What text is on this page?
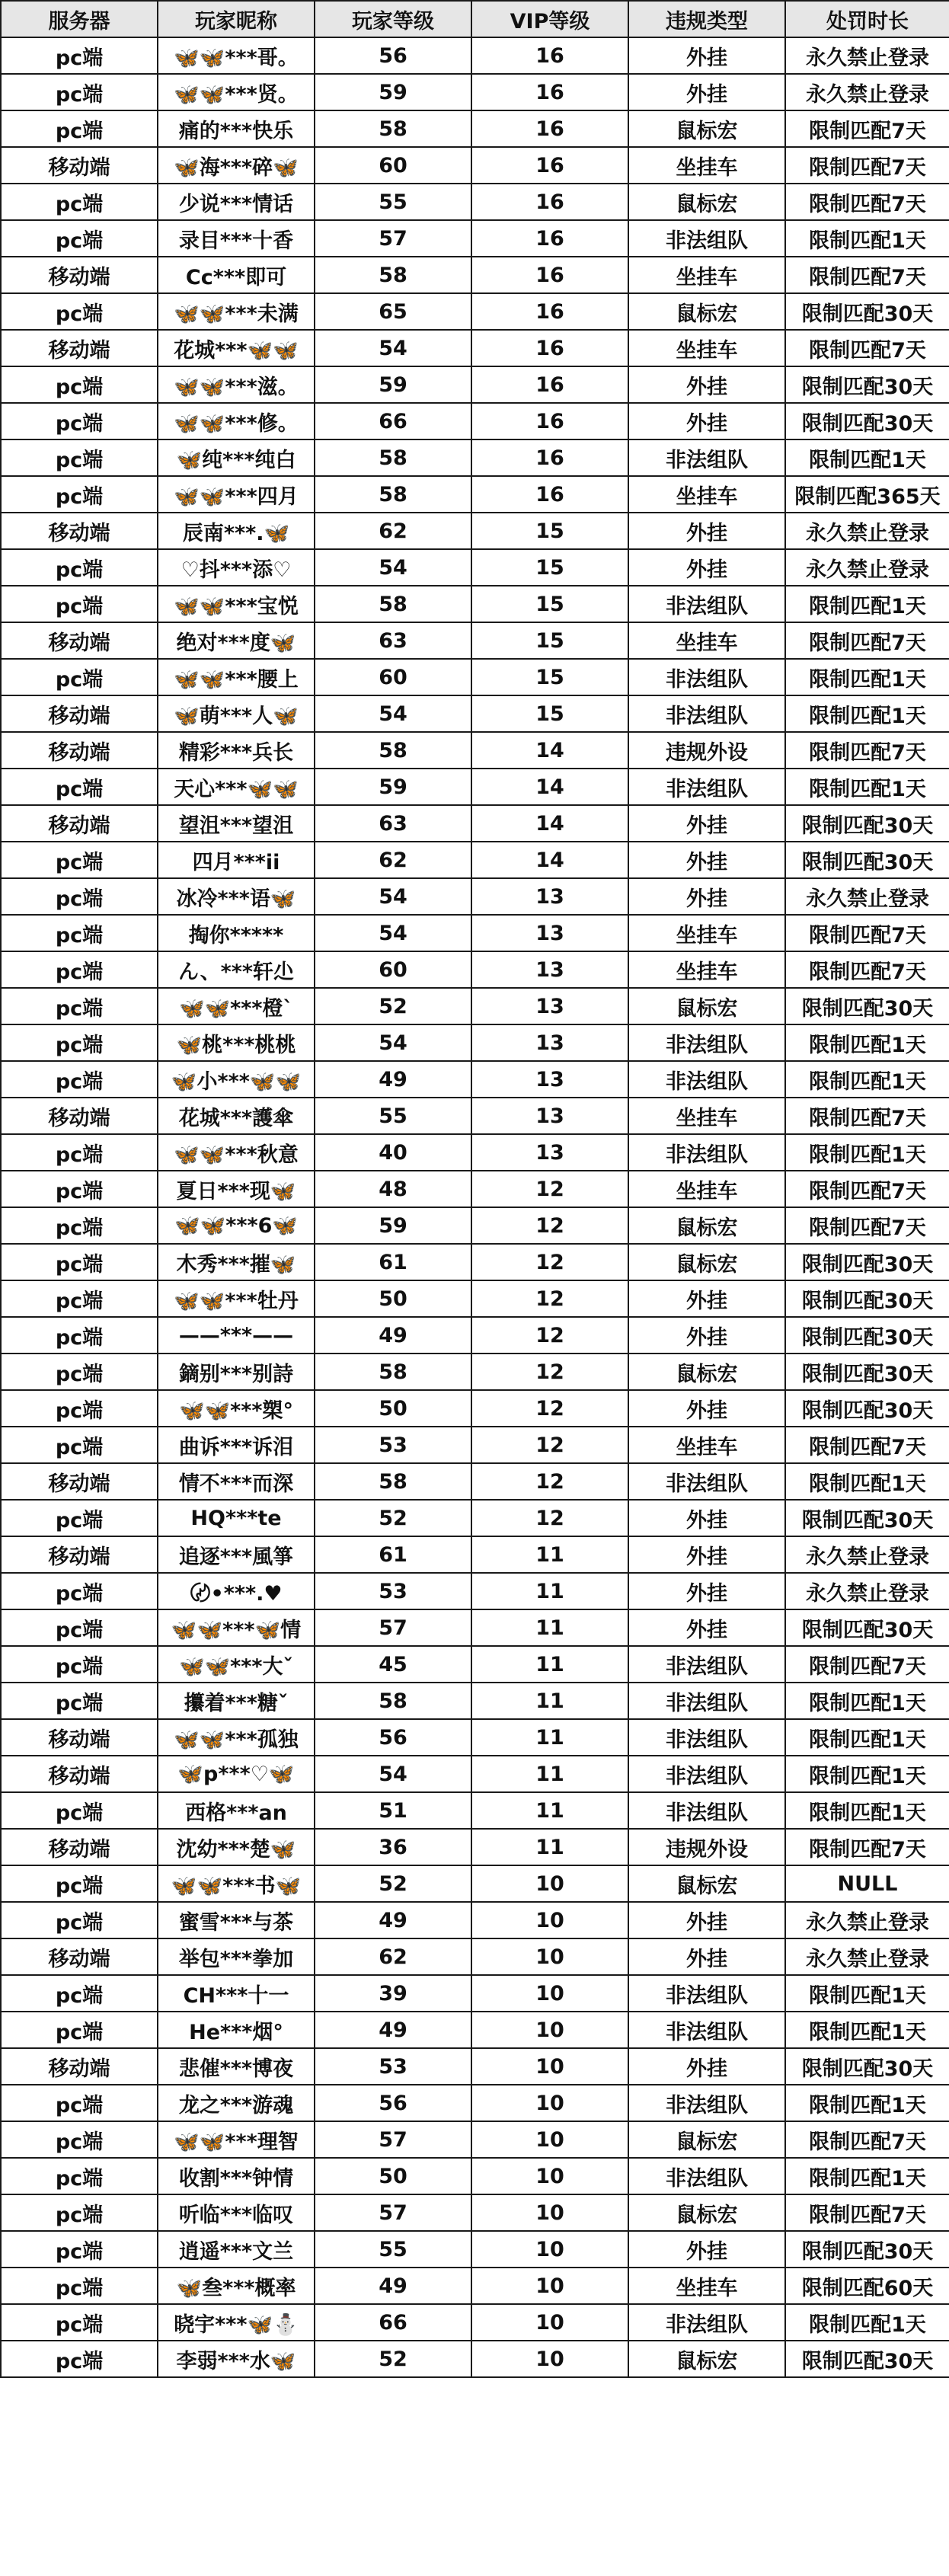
服务器	玩家昵称	玩家等级	VIP等级	违规类型	处罚时长
pc端	🦋🦋***哥。	56	16	外挂	永久禁止登录
pc端	🦋🦋***贤。	59	16	外挂	永久禁止登录
pc端	痛的***快乐	58	16	鼠标宏	限制匹配7天
移动端	🦋海***碎🦋	60	16	坐挂车	限制匹配7天
pc端	少说***情话	55	16	鼠标宏	限制匹配7天
pc端	录目***十香	57	16	非法组队	限制匹配1天
移动端	Cc***即可	58	16	坐挂车	限制匹配7天
pc端	🦋🦋***未满	65	16	鼠标宏	限制匹配30天
移动端	花城***🦋🦋	54	16	坐挂车	限制匹配7天
pc端	🦋🦋***滋。	59	16	外挂	限制匹配30天
pc端	🦋🦋***修。	66	16	外挂	限制匹配30天
pc端	🦋纯***纯白	58	16	非法组队	限制匹配1天
pc端	🦋🦋***四月	58	16	坐挂车	限制匹配365天
移动端	辰南***.🦋	62	15	外挂	永久禁止登录
pc端	♡抖***添♡	54	15	外挂	永久禁止登录
pc端	🦋🦋***宝悦	58	15	非法组队	限制匹配1天
移动端	绝对***度🦋	63	15	坐挂车	限制匹配7天
pc端	🦋🦋***腰上	60	15	非法组队	限制匹配1天
移动端	🦋萌***人🦋	54	15	非法组队	限制匹配1天
移动端	精彩***兵长	58	14	违规外设	限制匹配7天
pc端	天心***🦋🦋	59	14	非法组队	限制匹配1天
移动端	望沮***望沮	63	14	外挂	限制匹配30天
pc端	四月***ii	62	14	外挂	限制匹配30天
pc端	冰冷***语🦋	54	13	外挂	永久禁止登录
pc端	掏你*****	54	13	坐挂车	限制匹配7天
pc端	ん、***轩尐	60	13	坐挂车	限制匹配7天
pc端	🦋🦋***橙`	52	13	鼠标宏	限制匹配30天
pc端	🦋桃***桃桃	54	13	非法组队	限制匹配1天
pc端	🦋小***🦋🦋	49	13	非法组队	限制匹配1天
移动端	花城***護傘	55	13	坐挂车	限制匹配7天
pc端	🦋🦋***秋意	40	13	非法组队	限制匹配1天
pc端	夏日***现🦋	48	12	坐挂车	限制匹配7天
pc端	🦋🦋***6🦋	59	12	鼠标宏	限制匹配7天
pc端	木秀***摧🦋	61	12	鼠标宏	限制匹配30天
pc端	🦋🦋***牡丹	50	12	外挂	限制匹配30天
pc端	——***——	49	12	外挂	限制匹配30天
pc端	鏑别***别詩	58	12	鼠标宏	限制匹配30天
pc端	🦋🦋***槊°	50	12	外挂	限制匹配30天
pc端	曲诉***诉泪	53	12	坐挂车	限制匹配7天
移动端	情不***而深	58	12	非法组队	限制匹配1天
pc端	HQ***te	52	12	外挂	限制匹配30天
移动端	追逐***風箏	61	11	外挂	永久禁止登录
pc端	〄•***.♥	53	11	外挂	永久禁止登录
pc端	🦋🦋***🦋情	57	11	外挂	限制匹配30天
pc端	🦋🦋***大ˇ	45	11	非法组队	限制匹配7天
pc端	攥着***糖ˇ	58	11	非法组队	限制匹配1天
移动端	🦋🦋***孤独	56	11	非法组队	限制匹配1天
移动端	🦋p***♡🦋	54	11	非法组队	限制匹配1天
pc端	西格***an	51	11	非法组队	限制匹配1天
移动端	沈幼***楚🦋	36	11	违规外设	限制匹配7天
pc端	🦋🦋***书🦋	52	10	鼠标宏	NULL
pc端	蜜雪***与茶	49	10	外挂	永久禁止登录
移动端	举包***拳加	62	10	外挂	永久禁止登录
pc端	CH***十一	39	10	非法组队	限制匹配1天
pc端	He***烟°	49	10	非法组队	限制匹配1天
移动端	悲催***博夜	53	10	外挂	限制匹配30天
pc端	龙之***游魂	56	10	非法组队	限制匹配1天
pc端	🦋🦋***理智	57	10	鼠标宏	限制匹配7天
pc端	收割***钟情	50	10	非法组队	限制匹配1天
pc端	听临***临叹	57	10	鼠标宏	限制匹配7天
pc端	逍遥***文兰	55	10	外挂	限制匹配30天
pc端	🦋叁***概率	49	10	坐挂车	限制匹配60天
pc端	晓宇***🦋⛄	66	10	非法组队	限制匹配1天
pc端	李弱***水🦋	52	10	鼠标宏	限制匹配30天
